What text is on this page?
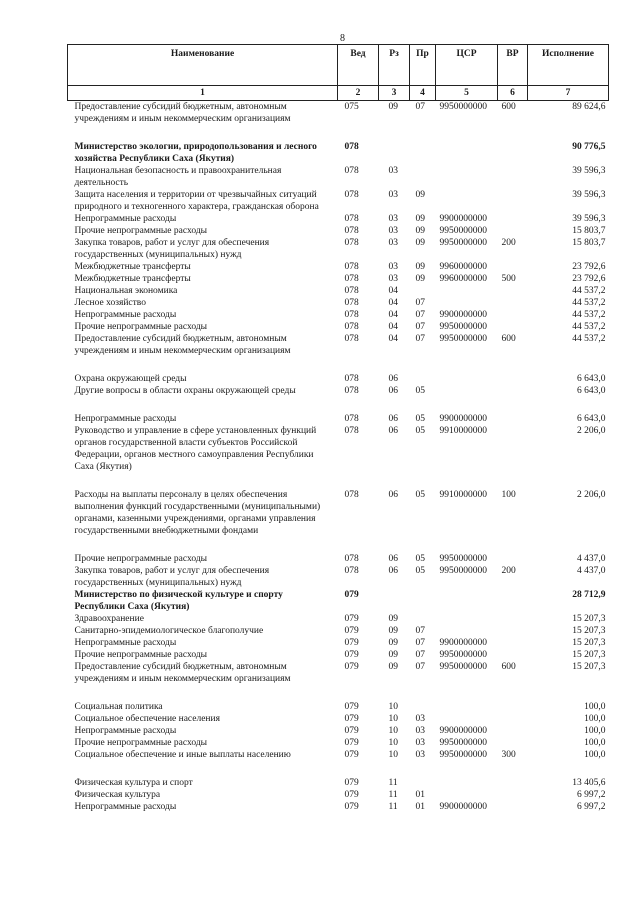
8
Наименование	Вед	Рз	Пр	ЦСР	ВР	Исполнение
1	2	3	4	5	6	7
Предоставление субсидий бюджетным, автономным учреждениям и иным некоммерческим организациям	075	09	07	9950000000	600	89 624,6
Министерство экологии, природопользования и лесного хозяйства Республики Саха (Якутия)	078					90 776,5
Национальная безопасность и правоохранительная деятельность	078	03				39 596,3
Защита населения и территории от чрезвычайных ситуаций природного и техногенного характера, гражданская оборона	078	03	09			39 596,3
Непрограммные расходы	078	03	09	9900000000		39 596,3
Прочие непрограммные расходы	078	03	09	9950000000		15 803,7
Закупка товаров, работ и услуг для обеспечения государственных (муниципальных) нужд	078	03	09	9950000000	200	15 803,7
Межбюджетные трансферты	078	03	09	9960000000		23 792,6
Межбюджетные трансферты	078	03	09	9960000000	500	23 792,6
Национальная экономика	078	04				44 537,2
Лесное хозяйство	078	04	07			44 537,2
Непрограммные расходы	078	04	07	9900000000		44 537,2
Прочие непрограммные расходы	078	04	07	9950000000		44 537,2
Предоставление субсидий бюджетным, автономным учреждениям и иным некоммерческим организациям	078	04	07	9950000000	600	44 537,2
Охрана окружающей среды	078	06				6 643,0
Другие вопросы в области охраны окружающей среды	078	06	05			6 643,0
Непрограммные расходы	078	06	05	9900000000		6 643,0
Руководство и управление в сфере установленных функций органов государственной власти субъектов Российской Федерации, органов местного самоуправления Республики Саха (Якутия)	078	06	05	9910000000		2 206,0
Расходы на выплаты персоналу в целях обеспечения выполнения функций государственными (муниципальными) органами, казенными учреждениями, органами управления государственными внебюджетными фондами	078	06	05	9910000000	100	2 206,0
Прочие непрограммные расходы	078	06	05	9950000000		4 437,0
Закупка товаров, работ и услуг для обеспечения государственных (муниципальных) нужд	078	06	05	9950000000	200	4 437,0
Министерство по физической культуре и спорту Республики Саха (Якутия)	079					28 712,9
Здравоохранение	079	09				15 207,3
Санитарно-эпидемиологическое благополучие	079	09	07			15 207,3
Непрограммные расходы	079	09	07	9900000000		15 207,3
Прочие непрограммные расходы	079	09	07	9950000000		15 207,3
Предоставление субсидий бюджетным, автономным учреждениям и иным некоммерческим организациям	079	09	07	9950000000	600	15 207,3
Социальная политика	079	10				100,0
Социальное обеспечение населения	079	10	03			100,0
Непрограммные расходы	079	10	03	9900000000		100,0
Прочие непрограммные расходы	079	10	03	9950000000		100,0
Социальное обеспечение и иные выплаты населению	079	10	03	9950000000	300	100,0
Физическая культура и спорт	079	11				13 405,6
Физическая культура	079	11	01			6 997,2
Непрограммные расходы	079	11	01	9900000000		6 997,2
